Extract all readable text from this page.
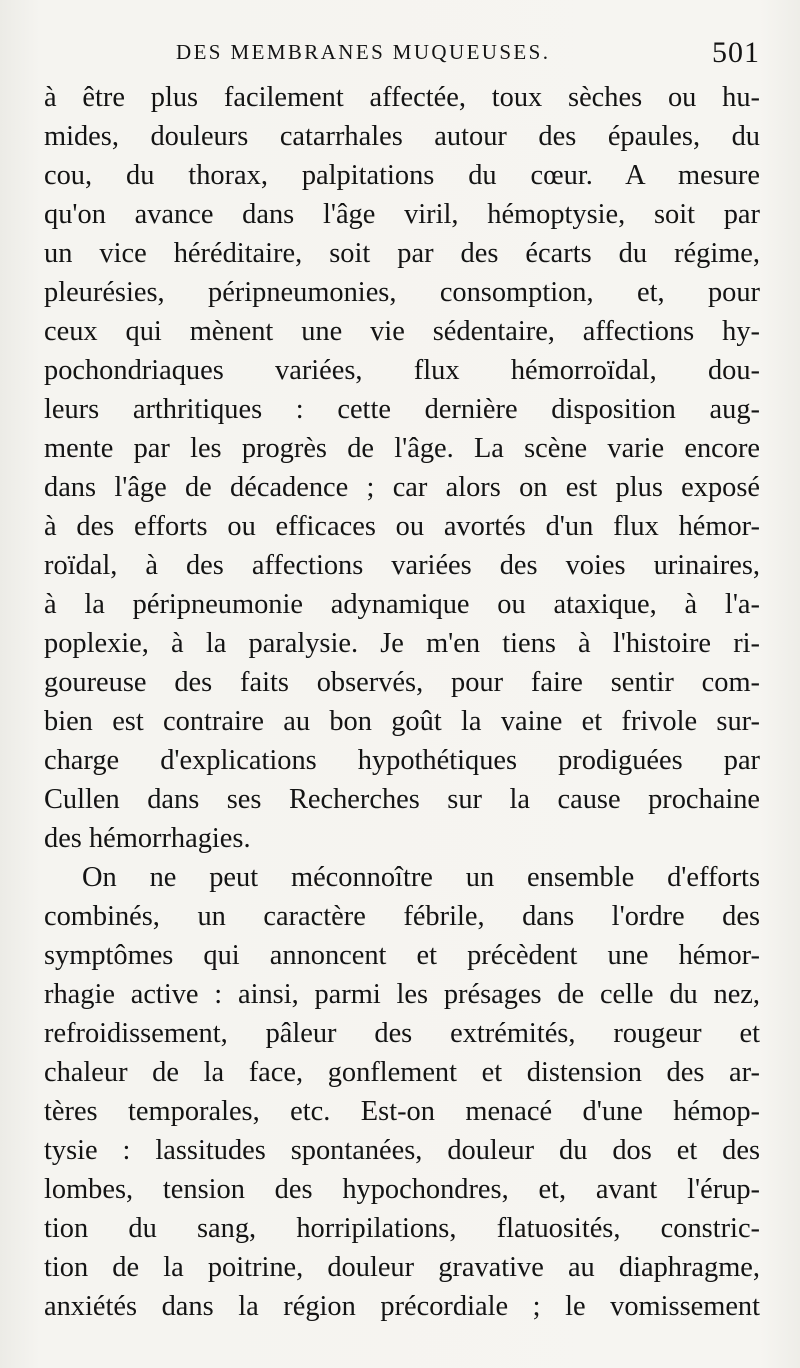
DES MEMBRANES MUQUEUSES.	501
à être plus facilement affectée, toux sèches ou hu-
mides, douleurs catarrhales autour des épaules, du
cou, du thorax, palpitations du cœur. A mesure
qu'on avance dans l'âge viril, hémoptysie, soit par
un vice héréditaire, soit par des écarts du régime,
pleurésies, péripneumonies, consomption, et, pour
ceux qui mènent une vie sédentaire, affections hy-
pochondriaques variées, flux hémorroïdal, dou-
leurs arthritiques : cette dernière disposition aug-
mente par les progrès de l'âge. La scène varie encore
dans l'âge de décadence ; car alors on est plus exposé
à des efforts ou efficaces ou avortés d'un flux hémor-
roïdal, à des affections variées des voies urinaires,
à la péripneumonie adynamique ou ataxique, à l'a-
poplexie, à la paralysie. Je m'en tiens à l'histoire ri-
goureuse des faits observés, pour faire sentir com-
bien est contraire au bon goût la vaine et frivole sur-
charge d'explications hypothétiques prodiguées par
Cullen dans ses Recherches sur la cause prochaine
des hémorrhagies.
On ne peut méconnoître un ensemble d'efforts
combinés, un caractère fébrile, dans l'ordre des
symptômes qui annoncent et précèdent une hémor-
rhagie active : ainsi, parmi les présages de celle du nez,
refroidissement, pâleur des extrémités, rougeur et
chaleur de la face, gonflement et distension des ar-
tères temporales, etc. Est-on menacé d'une hémop-
tysie : lassitudes spontanées, douleur du dos et des
lombes, tension des hypochondres, et, avant l'érup-
tion du sang, horripilations, flatuosités, constric-
tion de la poitrine, douleur gravative au diaphragme,
anxiétés dans la région précordiale ; le vomissement
